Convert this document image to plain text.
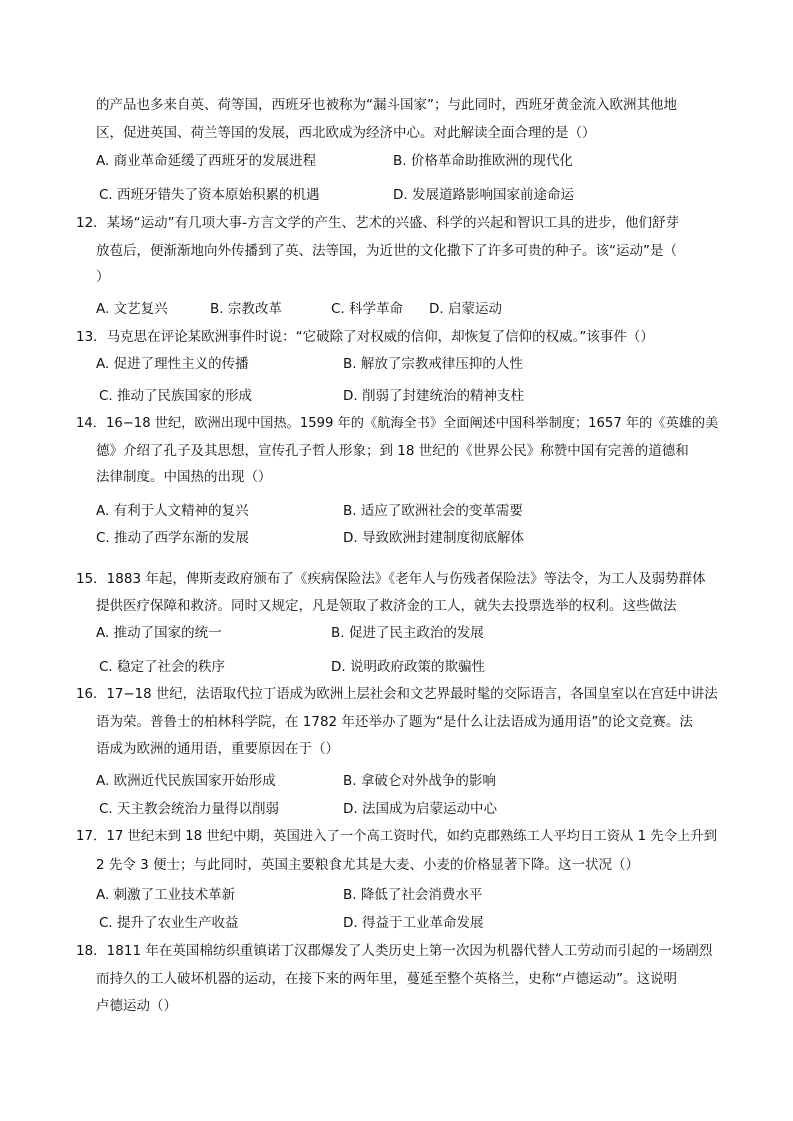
的产品也多来自英、荷等国，西班牙也被称为“漏斗国家”；与此同时，西班牙黄金流入欧洲其他地
区，促进英国、荷兰等国的发展，西北欧成为经济中心。对此解读全面合理的是（）
A. 商业革命延缓了西班牙的发展进程	B. 价格革命助推欧洲的现代化
C. 西班牙错失了资本原始积累的机遇	D. 发展道路影响国家前途命运
12．某场“运动”有几项大事-方言文学的产生、艺术的兴盛、科学的兴起和智识工具的进步，他们舒芽
放苞后，便渐渐地向外传播到了英、法等国，为近世的文化撒下了许多可贵的种子。该“运动”是（
）
A. 文艺复兴	B. 宗教改革	C. 科学革命 D. 启蒙运动
13．马克思在评论某欧洲事件时说：“它破除了对权威的信仰，却恢复了信仰的权威。”该事件（）
A. 促进了理性主义的传播	B. 解放了宗教戒律压抑的人性
C. 推动了民族国家的形成	D. 削弱了封建统治的精神支柱
14．16−18 世纪，欧洲出现中国热。1599 年的《航海全书》全面阐述中国科举制度；1657 年的《英雄的美
德》介绍了孔子及其思想，宣传孔子哲人形象；到 18 世纪的《世界公民》称赞中国有完善的道德和
法律制度。中国热的出现（）
A. 有利于人文精神的复兴	B. 适应了欧洲社会的变革需要
C. 推动了西学东渐的发展	D. 导致欧洲封建制度彻底解体
15．1883 年起，俾斯麦政府颁布了《疾病保险法》《老年人与伤残者保险法》等法令，为工人及弱势群体
提供医疗保障和救济。同时又规定，凡是领取了救济金的工人，就失去投票选举的权利。这些做法
A. 推动了国家的统一	B. 促进了民主政治的发展
C. 稳定了社会的秩序	D. 说明政府政策的欺骗性
16．17−18 世纪，法语取代拉丁语成为欧洲上层社会和文艺界最时髦的交际语言，各国皇室以在宫廷中讲法
语为荣。普鲁士的柏林科学院，在 1782 年还举办了题为“是什么让法语成为通用语”的论文竞赛。法
语成为欧洲的通用语，重要原因在于（）
A. 欧洲近代民族国家开始形成	B. 拿破仑对外战争的影响
C. 天主教会统治力量得以削弱	D. 法国成为启蒙运动中心
17．17 世纪末到 18 世纪中期，英国进入了一个高工资时代，如约克郡熟练工人平均日工资从 1 先令上升到
2 先令 3 便士；与此同时，英国主要粮食尤其是大麦、小麦的价格显著下降。这一状况（）
A. 刺激了工业技术革新	B. 降低了社会消费水平
C. 提升了农业生产收益	D. 得益于工业革命发展
18．1811 年在英国棉纺织重镇诺丁汉郡爆发了人类历史上第一次因为机器代替人工劳动而引起的一场剧烈
而持久的工人破坏机器的运动，在接下来的两年里，蔓延至整个英格兰，史称“卢德运动”。这说明
卢德运动（）
